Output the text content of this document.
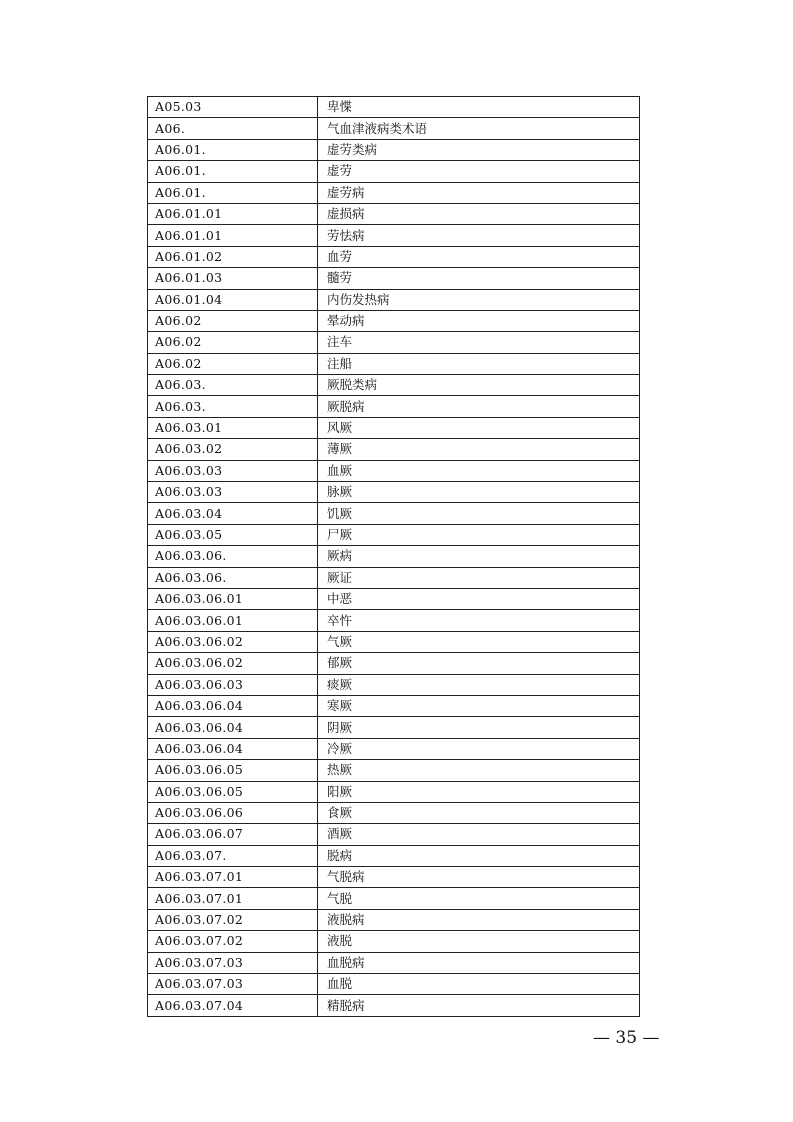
A05.03	卑惵
A06.	气血津液病类术语
A06.01.	虚劳类病
A06.01.	虚劳
A06.01.	虚劳病
A06.01.01	虚损病
A06.01.01	劳怯病
A06.01.02	血劳
A06.01.03	髓劳
A06.01.04	内伤发热病
A06.02	晕动病
A06.02	注车
A06.02	注船
A06.03.	厥脱类病
A06.03.	厥脱病
A06.03.01	风厥
A06.03.02	薄厥
A06.03.03	血厥
A06.03.03	脉厥
A06.03.04	饥厥
A06.03.05	尸厥
A06.03.06.	厥病
A06.03.06.	厥证
A06.03.06.01	中恶
A06.03.06.01	卒忤
A06.03.06.02	气厥
A06.03.06.02	郁厥
A06.03.06.03	痰厥
A06.03.06.04	寒厥
A06.03.06.04	阴厥
A06.03.06.04	冷厥
A06.03.06.05	热厥
A06.03.06.05	阳厥
A06.03.06.06	食厥
A06.03.06.07	酒厥
A06.03.07.	脱病
A06.03.07.01	气脱病
A06.03.07.01	气脱
A06.03.07.02	液脱病
A06.03.07.02	液脱
A06.03.07.03	血脱病
A06.03.07.03	血脱
A06.03.07.04	精脱病
— 35 —
